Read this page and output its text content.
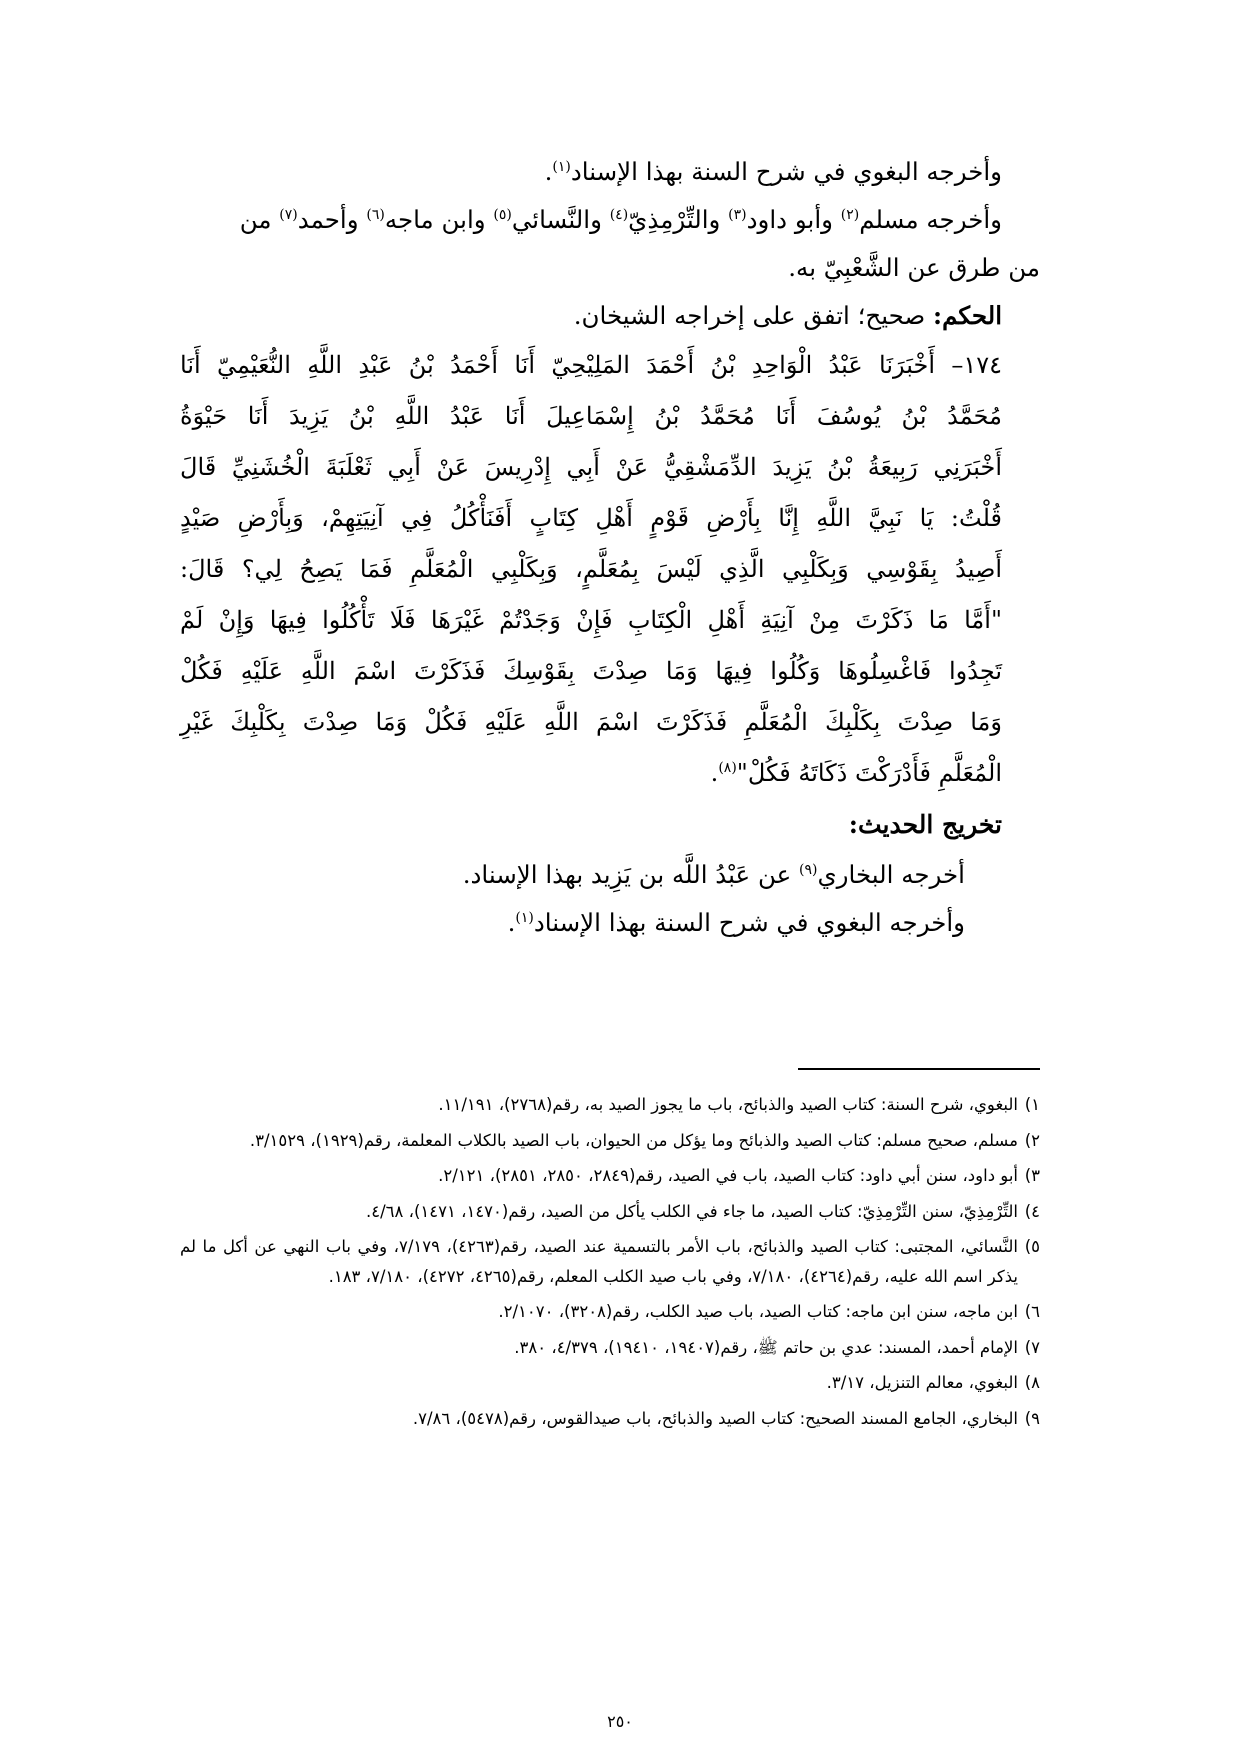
وأخرجه البغوي في شرح السنة بهذا الإسناد$^{(١)}$.
وأخرجه مسلم$^{(٢)}$ وأبو داود$^{(٣)}$ والتِّرْمِذِيّ$^{(٤)}$ والنَّسائي$^{(٥)}$ وابن ماجه$^{(٦)}$ وأحمد$^{(٧)}$ من
من طرق عن الشَّعْبِيّ به.
الحكم: صحيح؛ اتفق على إخراجه الشيخان.
١٧٤– أَخْبَرَنَا عَبْدُ الْوَاحِدِ بْنُ أَحْمَدَ المَلِيْحِيّ أَنَا أَحْمَدُ بْنُ عَبْدِ اللَّهِ النُّعَيْمِيّ أَنَا
مُحَمَّدُ بْنُ يُوسُفَ أَنَا مُحَمَّدُ بْنُ إِسْمَاعِيلَ أَنَا عَبْدُ اللَّهِ بْنُ يَزِيدَ أَنَا حَيْوَةُ
أَخْبَرَنِي رَبِيعَةُ بْنُ يَزِيدَ الدِّمَشْقِيُّ عَنْ أَبِي إِدْرِيسَ عَنْ أَبِي ثَعْلَبَةَ الْخُشَنِيِّ قَالَ
قُلْتُ: يَا نَبِيَّ اللَّهِ إِنَّا بِأَرْضِ قَوْمٍ أَهْلِ كِتَابٍ أَفَنَأْكُلُ فِي آنِيَتِهِمْ، وَبِأَرْضِ صَيْدٍ
أَصِيدُ بِقَوْسِي وَبِكَلْبِي الَّذِي لَيْسَ بِمُعَلَّمٍ، وَبِكَلْبِي الْمُعَلَّمِ فَمَا يَصِحُ لِي؟ قَالَ:
"أَمَّا مَا ذَكَرْتَ مِنْ آنِيَةِ أَهْلِ الْكِتَابِ فَإِنْ وَجَدْتُمْ غَيْرَهَا فَلَا تَأْكُلُوا فِيهَا وَإِنْ لَمْ
تَجِدُوا فَاغْسِلُوهَا وَكُلُوا فِيهَا وَمَا صِدْتَ بِقَوْسِكَ فَذَكَرْتَ اسْمَ اللَّهِ عَلَيْهِ فَكُلْ
وَمَا صِدْتَ بِكَلْبِكَ الْمُعَلَّمِ فَذَكَرْتَ اسْمَ اللَّهِ عَلَيْهِ فَكُلْ وَمَا صِدْتَ بِكَلْبِكَ غَيْرِ
الْمُعَلَّمِ فَأَدْرَكْتَ ذَكَاتَهُ فَكُلْ"$^{(٨)}$.
تخريج الحديث:
أخرجه البخاري$^{(٩)}$ عن عَبْدُ اللَّه بن يَزِيد بهذا الإسناد.
وأخرجه البغوي في شرح السنة بهذا الإسناد$^{(١)}$.
١)البغوي، شرح السنة: كتاب الصيد والذبائح، باب ما يجوز الصيد به، رقم(٢٧٦٨)، ١١/١٩١.
٢)مسلم، صحيح مسلم: كتاب الصيد والذبائح وما يؤكل من الحيوان، باب الصيد بالكلاب المعلمة، رقم(١٩٢٩)، ٣/١٥٢٩.
٣)أبو داود، سنن أبي داود: كتاب الصيد، باب في الصيد، رقم(٢٨٤٩، ٢٨٥٠، ٢٨٥١)، ٢/١٢١.
٤)التِّرْمِذِيّ، سنن التِّرْمِذِيّ: كتاب الصيد، ما جاء في الكلب يأكل من الصيد، رقم(١٤٧٠، ١٤٧١)، ٤/٦٨.
٥)النَّسائي، المجتبى: كتاب الصيد والذبائح، باب الأمر بالتسمية عند الصيد، رقم(٤٢٦٣)، ٧/١٧٩، وفي باب النهي عن أكل ما لم يذكر اسم الله عليه، رقم(٤٢٦٤)، ٧/١٨٠، وفي باب صيد الكلب المعلم، رقم(٤٢٦٥، ٤٢٧٢)، ٧/١٨٠، ١٨٣.
٦)ابن ماجه، سنن ابن ماجه: كتاب الصيد، باب صيد الكلب، رقم(٣٢٠٨)، ٢/١٠٧٠.
٧)الإمام أحمد، المسند: عدي بن حاتم ﷺ، رقم(١٩٤٠٧، ١٩٤١٠)، ٤/٣٧٩، ٣٨٠.
٨)البغوي، معالم التنزيل، ٣/١٧.
٩)البخاري، الجامع المسند الصحيح: كتاب الصيد والذبائح، باب صيدالقوس، رقم(٥٤٧٨)، ٧/٨٦.
٢٥٠
